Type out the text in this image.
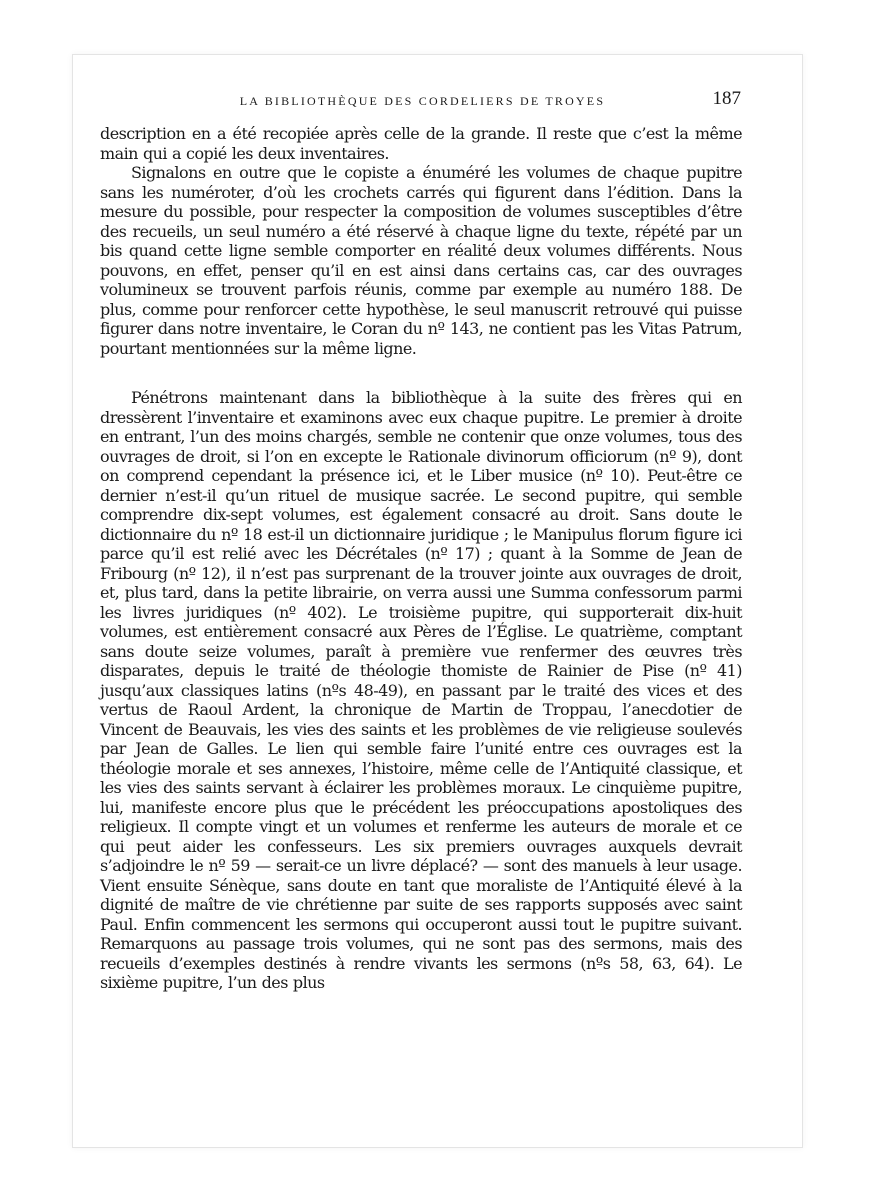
LA BIBLIOTHÈQUE DES CORDELIERS DE TROYES	187

description en a été recopiée après celle de la grande. Il reste que c’est la même main qui a copié les deux inventaires.

Signalons en outre que le copiste a énuméré les volumes de chaque pupitre sans les numéroter, d’où les crochets carrés qui figurent dans l’édition. Dans la mesure du possible, pour respecter la composition de volumes susceptibles d’être des recueils, un seul numéro a été réservé à chaque ligne du texte, répété par un bis quand cette ligne semble comporter en réalité deux volumes différents. Nous pouvons, en effet, penser qu’il en est ainsi dans certains cas, car des ouvrages volumineux se trouvent parfois réunis, comme par exemple au numéro 188. De plus, comme pour renforcer cette hypothèse, le seul manuscrit retrouvé qui puisse figurer dans notre inventaire, le Coran du nº 143, ne contient pas les Vitas Patrum, pourtant mentionnées sur la même ligne.

Pénétrons maintenant dans la bibliothèque à la suite des frères qui en dressèrent l’inventaire et examinons avec eux chaque pupitre. Le premier à droite en entrant, l’un des moins chargés, semble ne contenir que onze volumes, tous des ouvrages de droit, si l’on en excepte le Rationale divinorum officiorum (nº 9), dont on comprend cependant la présence ici, et le Liber musice (nº 10). Peut-être ce dernier n’est-il qu’un rituel de musique sacrée. Le second pupitre, qui semble comprendre dix-sept volumes, est également consacré au droit. Sans doute le dictionnaire du nº 18 est-il un dictionnaire juridique ; le Manipulus florum figure ici parce qu’il est relié avec les Décrétales (nº 17) ; quant à la Somme de Jean de Fribourg (nº 12), il n’est pas surprenant de la trouver jointe aux ouvrages de droit, et, plus tard, dans la petite librairie, on verra aussi une Summa confessorum parmi les livres juridiques (nº 402). Le troisième pupitre, qui supporterait dix-huit volumes, est entièrement consacré aux Pères de l’Église. Le quatrième, comptant sans doute seize volumes, paraît à première vue renfermer des œuvres très disparates, depuis le traité de théologie thomiste de Rainier de Pise (nº 41) jusqu’aux classiques latins (nºs 48-49), en passant par le traité des vices et des vertus de Raoul Ardent, la chronique de Martin de Troppau, l’anecdotier de Vincent de Beauvais, les vies des saints et les problèmes de vie religieuse soulevés par Jean de Galles. Le lien qui semble faire l’unité entre ces ouvrages est la théologie morale et ses annexes, l’histoire, même celle de l’Antiquité classique, et les vies des saints servant à éclairer les problèmes moraux. Le cinquième pupitre, lui, manifeste encore plus que le précédent les préoccupations apostoliques des religieux. Il compte vingt et un volumes et renferme les auteurs de morale et ce qui peut aider les confesseurs. Les six premiers ouvrages auxquels devrait s’adjoindre le nº 59 — serait-ce un livre déplacé? — sont des manuels à leur usage. Vient ensuite Sénèque, sans doute en tant que moraliste de l’Antiquité élevé à la dignité de maître de vie chrétienne par suite de ses rapports supposés avec saint Paul. Enfin commencent les sermons qui occuperont aussi tout le pupitre suivant. Remarquons au passage trois volumes, qui ne sont pas des sermons, mais des recueils d’exemples destinés à rendre vivants les sermons (nºs 58, 63, 64). Le sixième pupitre, l’un des plus
